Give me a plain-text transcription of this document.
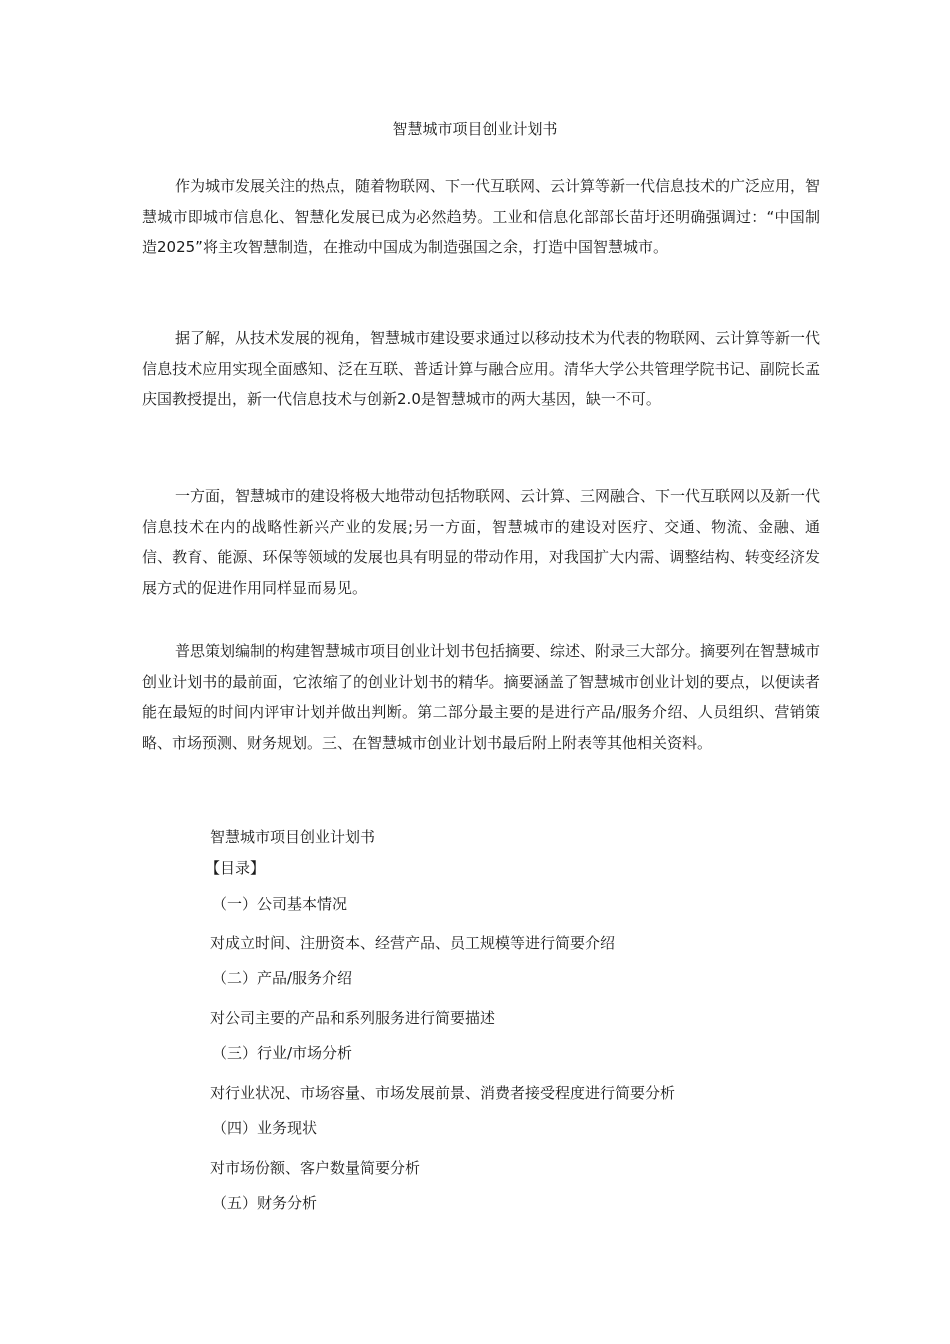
智慧城市项目创业计划书

作为城市发展关注的热点，随着物联网、下一代互联网、云计算等新一代信息技术的广泛应用，智慧城市即城市信息化、智慧化发展已成为必然趋势。工业和信息化部部长苗圩还明确强调过：“中国制造2025”将主攻智慧制造，在推动中国成为制造强国之余，打造中国智慧城市。

据了解，从技术发展的视角，智慧城市建设要求通过以移动技术为代表的物联网、云计算等新一代信息技术应用实现全面感知、泛在互联、普适计算与融合应用。清华大学公共管理学院书记、副院长孟庆国教授提出，新一代信息技术与创新2.0是智慧城市的两大基因，缺一不可。

一方面，智慧城市的建设将极大地带动包括物联网、云计算、三网融合、下一代互联网以及新一代信息技术在内的战略性新兴产业的发展;另一方面，智慧城市的建设对医疗、交通、物流、金融、通信、教育、能源、环保等领域的发展也具有明显的带动作用，对我国扩大内需、调整结构、转变经济发展方式的促进作用同样显而易见。

普思策划编制的构建智慧城市项目创业计划书包括摘要、综述、附录三大部分。摘要列在智慧城市创业计划书的最前面，它浓缩了的创业计划书的精华。摘要涵盖了智慧城市创业计划的要点，以便读者能在最短的时间内评审计划并做出判断。第二部分最主要的是进行产品/服务介绍、人员组织、营销策略、市场预测、财务规划。三、在智慧城市创业计划书最后附上附表等其他相关资料。

智慧城市项目创业计划书
【目录】
（一）公司基本情况
对成立时间、注册资本、经营产品、员工规模等进行简要介绍
（二）产品/服务介绍
对公司主要的产品和系列服务进行简要描述
（三）行业/市场分析
对行业状况、市场容量、市场发展前景、消费者接受程度进行简要分析
（四）业务现状
对市场份额、客户数量简要分析
（五）财务分析
